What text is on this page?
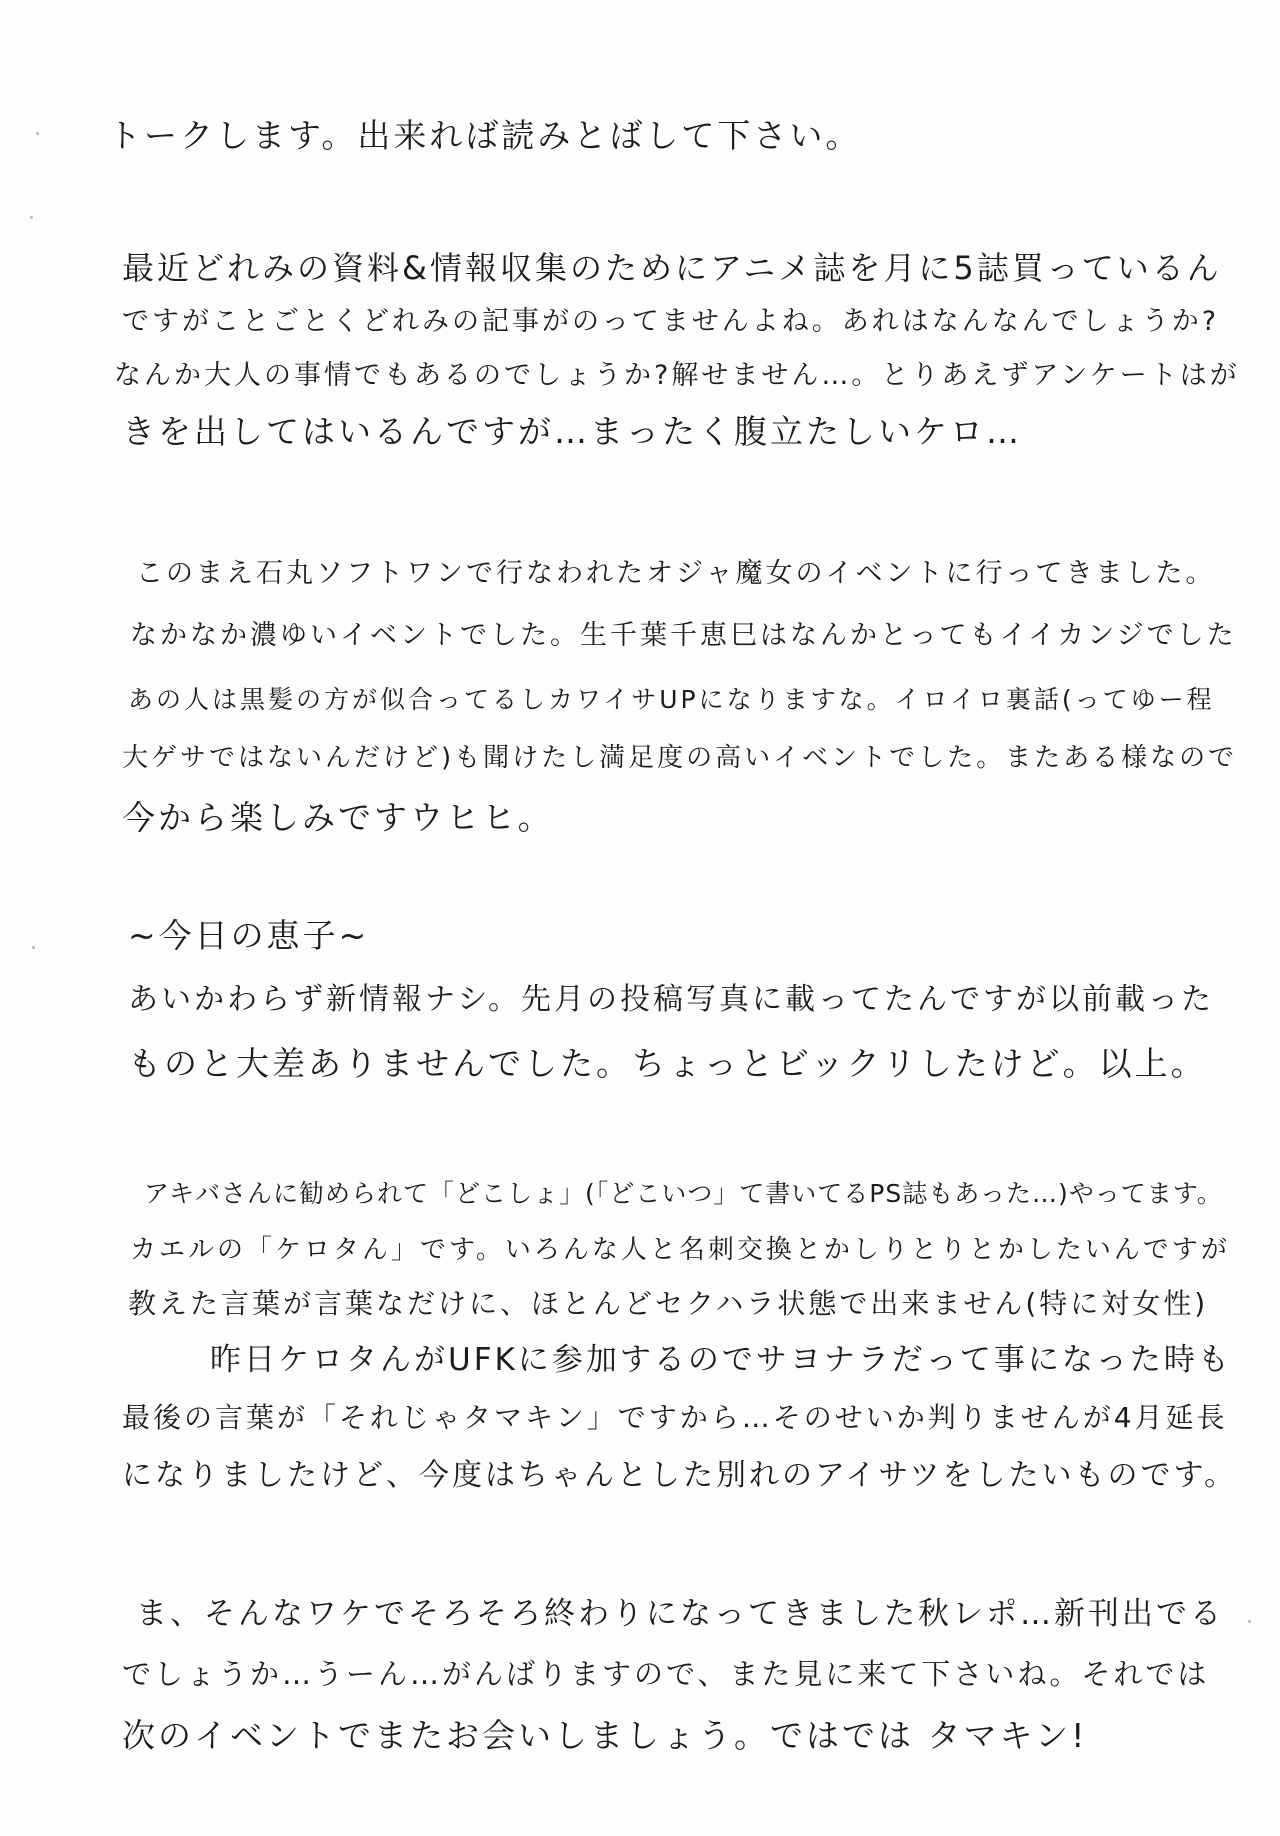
トークします。出来れば読みとばして下さい。
最近どれみの資料&情報収集のためにアニメ誌を月に5誌買っているん
ですがことごとくどれみの記事がのってませんよね。あれはなんなんでしょうか?
なんか大人の事情でもあるのでしょうか?解せません…。とりあえずアンケートはが
きを出してはいるんですが…まったく腹立たしいケロ…
このまえ石丸ソフトワンで行なわれたオジャ魔女のイベントに行ってきました。
なかなか濃ゆいイベントでした。生千葉千恵巳はなんかとってもイイカンジでした
あの人は黒髪の方が似合ってるしカワイサUPになりますな。イロイロ裏話(ってゆー程
大ゲサではないんだけど)も聞けたし満足度の高いイベントでした。またある様なので
今から楽しみですウヒヒ。
~今日の恵子~
あいかわらず新情報ナシ。先月の投稿写真に載ってたんですが以前載った
ものと大差ありませんでした。ちょっとビックリしたけど。以上。
アキバさんに勧められて「どこしょ」(「どこいつ」て書いてるPS誌もあった…)やってます。
カエルの「ケロタん」です。いろんな人と名刺交換とかしりとりとかしたいんですが
教えた言葉が言葉なだけに、ほとんどセクハラ状態で出来ません(特に対女性)
昨日ケロタんがUFKに参加するのでサヨナラだって事になった時も
最後の言葉が「それじゃタマキン」ですから…そのせいか判りませんが4月延長
になりましたけど、今度はちゃんとした別れのアイサツをしたいものです。
ま、そんなワケでそろそろ終わりになってきました秋レポ…新刊出でる
でしょうか…うーん…がんばりますので、また見に来て下さいね。それでは
次のイベントでまたお会いしましょう。ではでは タマキン!
